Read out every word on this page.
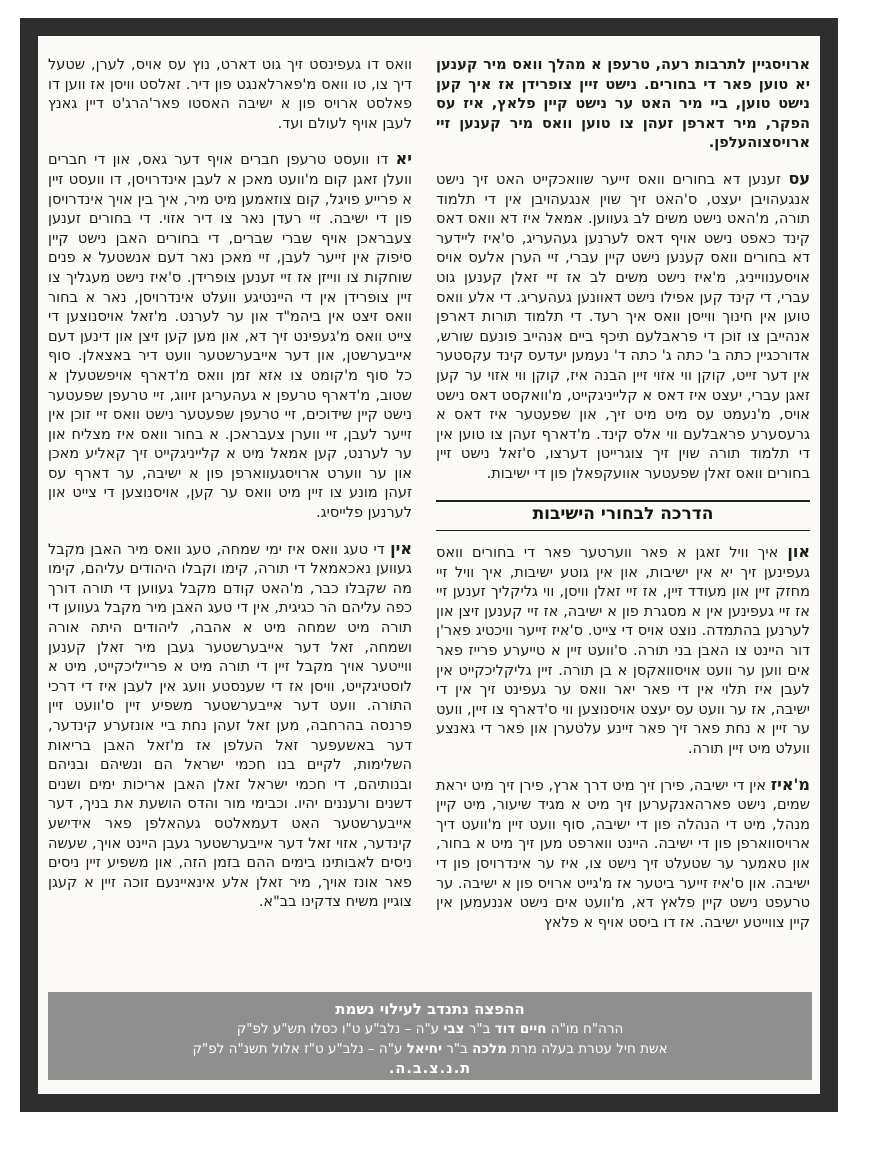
ארויסגיין לתרבות רעה, טרעפן א מהלך וואס מיר קענען יא טוען פאר די בחורים. נישט זיין צופרידן אז איך קען נישט טוען, ביי מיר האט ער נישט קיין פלאץ, איז עס הפקר, מיר דארפן זעהן צו טוען וואס מיר קענען זיי ארויסצוהעלפן.

עס זענען דא בחורים וואס זייער שוואכקייט האט זיך נישט אנגעהויבן יעצט, ס'האט זיך שוין אנגעהויבן אין די תלמוד תורה, מ'האט נישט משים לב געווען. אמאל איז דא וואס דאס קינד כאפט נישט אויף דאס לערנען געהעריג, ס'איז ליידער דא בחורים וואס קענען נישט קיין עברי, זיי הערן אלעס אויס אויסענווייניג, מ'איז נישט משים לב אז זיי זאלן קענען גוט עברי, די קינד קען אפילו נישט דאוונען געהעריג. די אלע וואס טוען אין חינוך ווייסן וואס איך רעד. די תלמוד תורות דארפן אנהייבן צו זוכן די פראבלעם תיכף ביים אנהייב פונעם שורש, אדורכגיין כתה ב' כתה ג' כתה ד' נעמען יעדעס קינד עקסטער אין דער זייט, קוקן ווי אזוי זיין הבנה איז, קוקן ווי אזוי ער קען זאגן עברי, יעצט איז דאס א קלייניגקייט, מ'וואקסט דאס נישט אויס, מ'נעמט עס מיט מיט זיך, און שפעטער איז דאס א גרעסערע פראבלעם ווי אלס קינד. מ'דארף זעהן צו טוען אין די תלמוד תורה שוין זיך צוגרייטן דערצו, ס'זאל נישט זיין בחורים וואס זאלן שפעטער אוועקפאלן פון די ישיבות.

הדרכה לבחורי הישיבות

און איך וויל זאגן א פאר ווערטער פאר די בחורים וואס געפינען זיך יא אין ישיבות, און אין גוטע ישיבות, איך וויל זיי מחזק זיין און מעודד זיין, אז זיי זאלן וויסן, ווי גליקליך זענען זיי אז זיי געפינען אין א מסגרת פון א ישיבה, אז זיי קענען זיצן און לערנען בהתמדה. נוצט אויס די צייט. ס'איז זייער וויכטיג פאר'ן דור היינט צו האבן בני תורה. ס'וועט זיין א טייערע פרייז פאר אים ווען ער וועט אויסוואקסן א בן תורה. זיין גליקליכקייט אין לעבן איז תלוי אין די פאר יאר וואס ער געפינט זיך אין די ישיבה, אז ער וועט עס יעצט אויסנוצען ווי ס'דארף צו זיין, וועט ער זיין א נחת פאר זיך פאר זיינע עלטערן און פאר די גאנצע וועלט מיט זיין תורה.

מ'איז אין די ישיבה, פירן זיך מיט דרך ארץ, פירן זיך מיט יראת שמים, נישט פארהאנקערען זיך מיט א מגיד שיעור, מיט קיין מנהל, מיט די הנהלה פון די ישיבה, סוף וועט זיין מ'וועט דיך ארויסווארפן פון די ישיבה. היינט ווארפט מען זיך מיט א בחור, און טאמער ער שטעלט זיך נישט צו, איז ער אינדרויסן פון די ישיבה. און ס'איז זייער ביטער אז מ'גייט ארויס פון א ישיבה. ער טרעפט נישט קיין פלאץ דא, מ'וועט אים נישט אננעמען אין קיין צווייטע ישיבה. אז דו ביסט אויף א פלאץ

וואס דו געפינסט זיך גוט דארט, נוץ עס אויס, לערן, שטעל דיך צו, טו וואס מ'פארלאנגט פון דיר. זאלסט וויסן אז ווען דו פאלסט ארויס פון א ישיבה האסטו פאר'הרג'ט דיין גאנץ לעבן אויף לעולם ועד.

יא דו וועסט טרעפן חברים אויף דער גאס, און די חברים וועלן זאגן קום מ'וועט מאכן א לעבן אינדרויסן, דו וועסט זיין א פרייע פויגל, קום צוזאמען מיט מיר, איך בין אויך אינדרויסן פון די ישיבה. זיי רעדן נאר צו דיר אזוי. די בחורים זענען צעבראכן אויף שברי שברים, די בחורים האבן נישט קיין סיפוק אין זייער לעבן, זיי מאכן נאר דעם אנשטעל א פנים שוחקות צו ווייזן אז זיי זענען צופרידן. ס'איז נישט מעגליך צו זיין צופרידן אין די היינטיגע וועלט אינדרויסן, נאר א בחור וואס זיצט אין ביהמ"ד און ער לערנט. מ'זאל אויסנוצען די צייט וואס מ'געפינט זיך דא, און מען קען זיצן און דינען דעם אייבערשטן, און דער אייבערשטער וועט דיר באצאלן. סוף כל סוף מ'קומט צו אזא זמן וואס מ'דארף אויפשטעלן א שטוב, מ'דארף טרעפן א געהעריגן זיווג, זיי טרעפן שפעטער נישט קיין שידוכים, זיי טרעפן שפעטער נישט וואס זיי זוכן אין זייער לעבן, זיי ווערן צעבראכן. א בחור וואס איז מצליח און ער לערנט, קען אמאל מיט א קלייניגקייט זיך קאליע מאכן און ער ווערט ארויסגעווארפן פון א ישיבה, ער דארף עס זעהן מונע צו זיין מיט וואס ער קען, אויסנוצען די צייט און לערנען פלייסיג.

אין די טעג וואס איז ימי שמחה, טעג וואס מיר האבן מקבל געווען נאכאמאל די תורה, קימו וקבלו היהודים עליהם, קימו מה שקבלו כבר, מ'האט קודם מקבל געווען די תורה דורך כפה עליהם הר כגיגית, אין די טעג האבן מיר מקבל געווען די תורה מיט שמחה מיט א אהבה, ליהודים היתה אורה ושמחה, זאל דער אייבערשטער געבן מיר זאלן קענען ווייטער אויך מקבל זיין די תורה מיט א פרייליכקייט, מיט א לוסטיגקייט, וויסן אז די שענסטע וועג אין לעבן איז די דרכי התורה. וועט דער אייבערשטער משפיע זיין ס'וועט זיין פרנסה בהרחבה, מען זאל זעהן נחת ביי אונזערע קינדער, דער באשעפער זאל העלפן אז מ'זאל האבן בריאות השלימות, לקיים בנו חכמי ישראל הם ונשיהם ובניהם ובנותיהם, די חכמי ישראל זאלן האבן אריכות ימים ושנים דשנים ורעננים יהיו. וכבימי מור והדס הושעת את בניך, דער אייבערשטער האט דעמאלטס געהאלפן פאר אידישע קינדער, אזוי זאל דער אייבערשטער געבן היינט אויך, שעשה ניסים לאבותינו בימים ההם בזמן הזה, און משפיע זיין ניסים פאר אונז אויך, מיר זאלן אלע אינאיינעם זוכה זיין א קעגן צוגיין משיח צדקינו בב"א.

ההפצה נתנדב לעילוי נשמת
הרה"ח מו"ה חיים דוד ב"ר צבי ע"ה – נלב"ע ט"ו כסלו תש"ע לפ"ק
אשת חיל עטרת בעלה מרת מלכה ב"ר יחיאל ע"ה – נלב"ע ט"ז אלול תשנ"ה לפ"ק
ת.נ.צ.ב.ה.
